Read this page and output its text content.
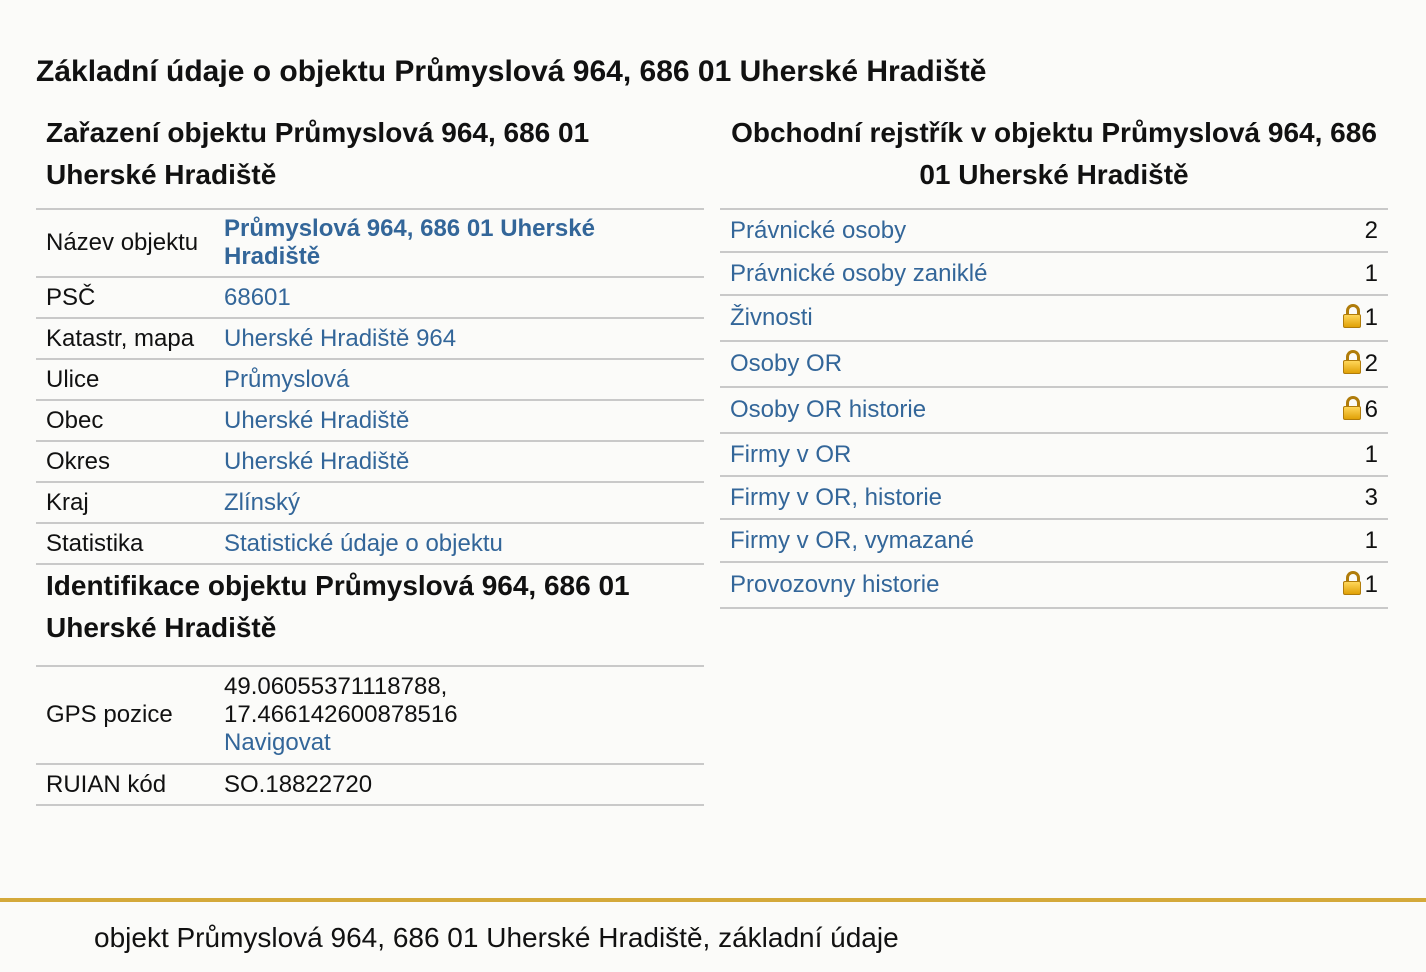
Základní údaje o objektu Průmyslová 964, 686 01 Uherské Hradiště
Zařazení objektu Průmyslová 964, 686 01 Uherské Hradiště
Název objektu	Průmyslová 964, 686 01 Uherské Hradiště
PSČ	68601
Katastr, mapa	Uherské Hradiště 964
Ulice	Průmyslová
Obec	Uherské Hradiště
Okres	Uherské Hradiště
Kraj	Zlínský
Statistika	Statistické údaje o objektu
Identifikace objektu Průmyslová 964, 686 01 Uherské Hradiště
GPS pozice	49.06055371118788,
17.466142600878516
Navigovat
RUIAN kód	SO.18822720
Obchodní rejstřík v objektu Průmyslová 964, 686 01 Uherské Hradiště
Právnické osoby	2
Právnické osoby zaniklé	1
Živnosti	1
Osoby OR	2
Osoby OR historie	6
Firmy v OR	1
Firmy v OR, historie	3
Firmy v OR, vymazané	1
Provozovny historie	1
objekt Průmyslová 964, 686 01 Uherské Hradiště, základní údaje
